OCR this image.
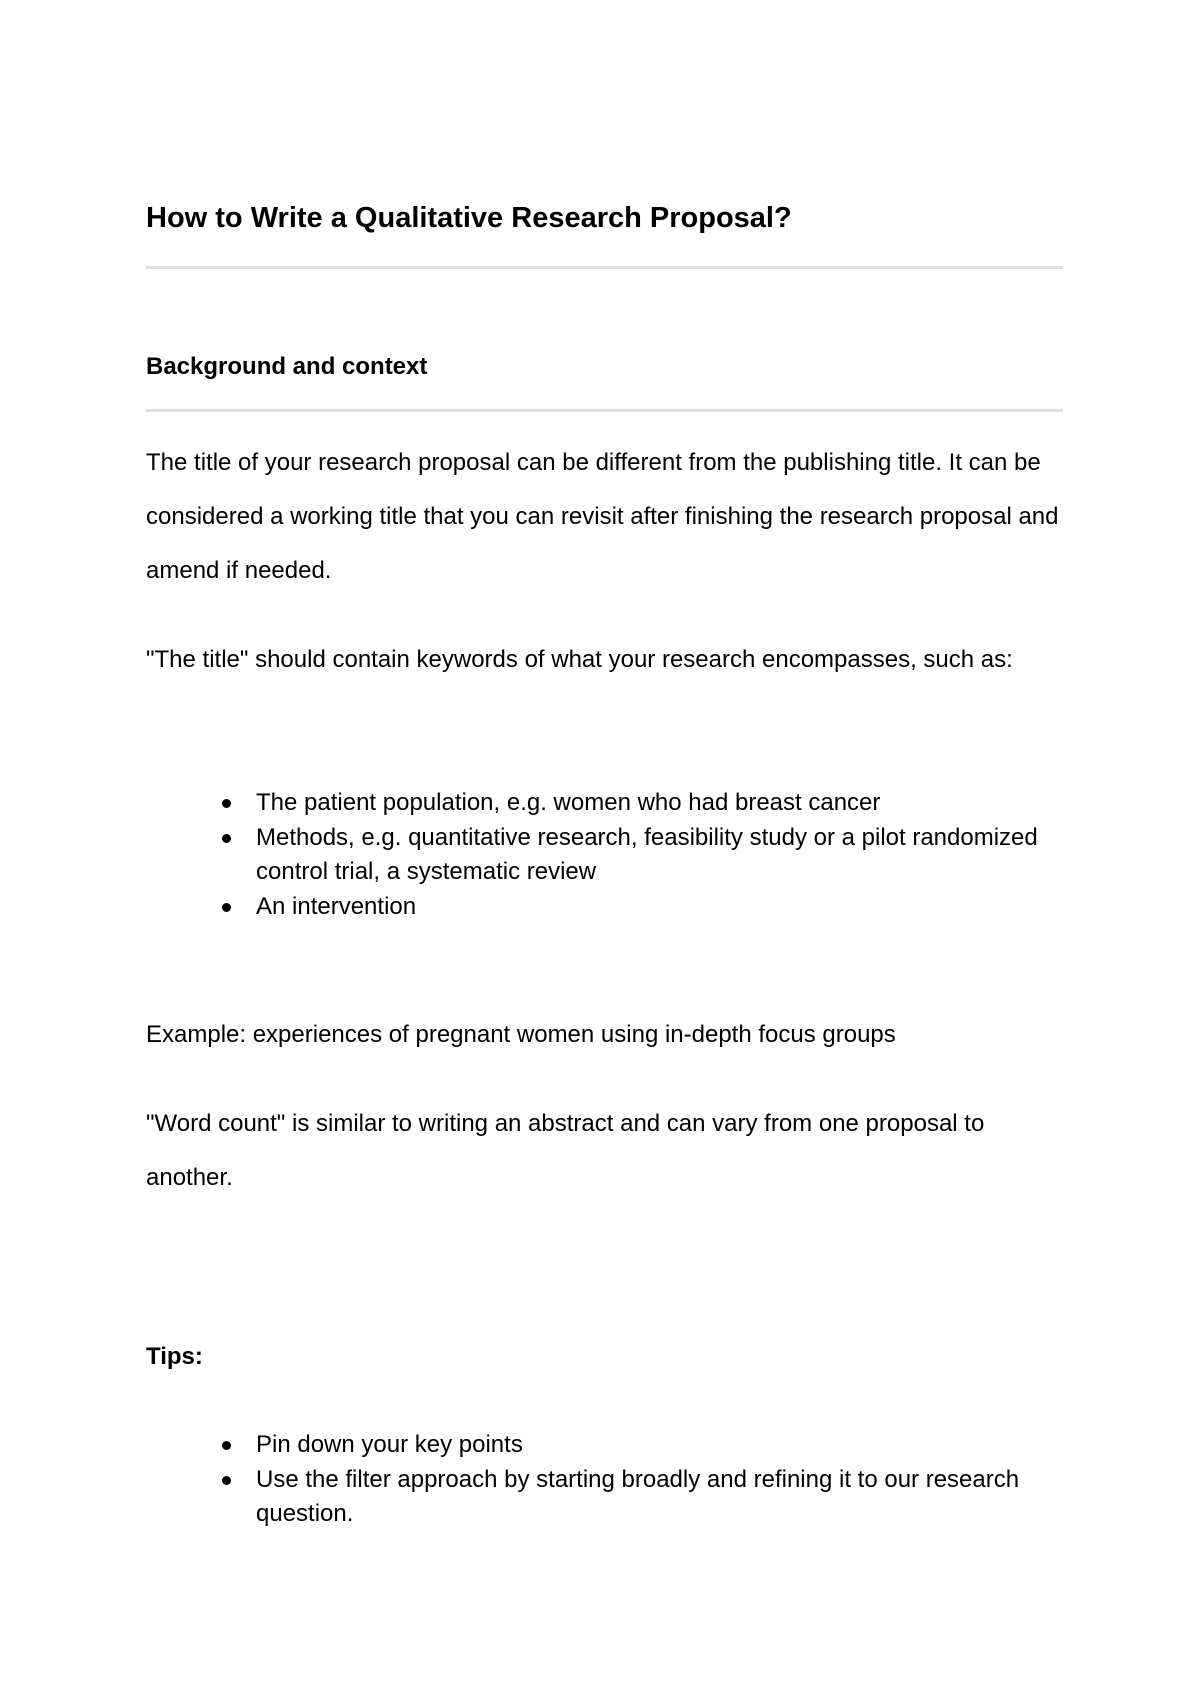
How to Write a Qualitative Research Proposal?
Background and context

The title of your research proposal can be different from the publishing title. It can be considered a working title that you can revisit after finishing the research proposal and amend if needed.

"The title" should contain keywords of what your research encompasses, such as:

The patient population, e.g. women who had breast cancer
Methods, e.g. quantitative research, feasibility study or a pilot randomized control trial, a systematic review
An intervention

Example: experiences of pregnant women using in-depth focus groups

"Word count" is similar to writing an abstract and can vary from one proposal to another.

Tips:
Pin down your key points
Use the filter approach by starting broadly and refining it to our research question.
